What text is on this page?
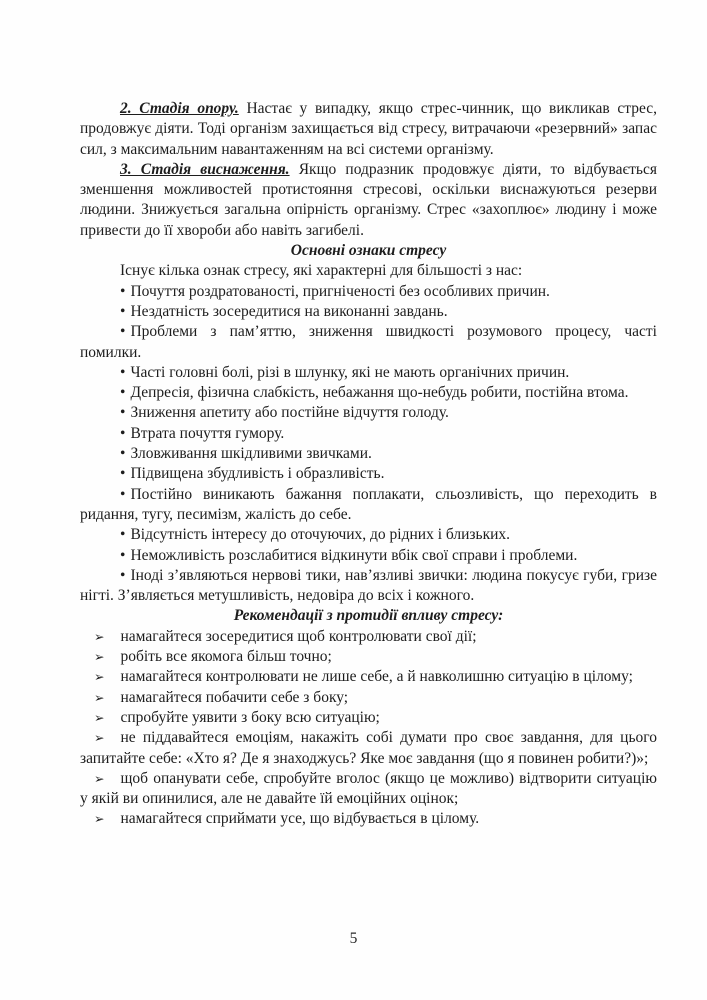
2. Стадія опору. Настає у випадку, якщо стрес-чинник, що викликав стрес, продовжує діяти. Тоді організм захищається від стресу, витрачаючи «резервний» запас сил, з максимальним навантаженням на всі системи організму.

3. Стадія виснаження. Якщо подразник продовжує діяти, то відбувається зменшення можливостей протистояння стресові, оскільки виснажуються резерви людини. Знижується загальна опірність організму. Стрес «захоплює» людину і може привести до її хвороби або навіть загибелі.

Основні ознаки стресу

Існує кілька ознак стресу, які характерні для більшості з нас:

• Почуття роздратованості, пригніченості без особливих причин.

• Нездатність зосередитися на виконанні завдань.

• Проблеми з пам’яттю, зниження швидкості розумового процесу, часті помилки.

• Часті головні болі, різі в шлунку, які не мають органічних причин.

• Депресія, фізична слабкість, небажання що-небудь робити, постійна втома.

• Зниження апетиту або постійне відчуття голоду.

• Втрата почуття гумору.

• Зловживання шкідливими звичками.

• Підвищена збудливість і образливість.

• Постійно виникають бажання поплакати, сльозливість, що переходить в ридання, тугу, песимізм, жалість до себе.

• Відсутність інтересу до оточуючих, до рідних і близьких.

• Неможливість розслабитися відкинути вбік свої справи і проблеми.

• Іноді з’являються нервові тики, нав’язливі звички: людина покусує губи, гризе нігті. З’являється метушливість, недовіра до всіх і кожного.

Рекомендації з протидії впливу стресу:

➢ намагайтеся зосередитися щоб контролювати свої дії;

➢ робіть все якомога більш точно;

➢ намагайтеся контролювати не лише себе, а й навколишню ситуацію в цілому;

➢ намагайтеся побачити себе з боку;

➢ спробуйте уявити з боку всю ситуацію;

➢ не піддавайтеся емоціям, накажіть собі думати про своє завдання, для цього запитайте себе: «Хто я? Де я знаходжусь? Яке моє завдання (що я повинен робити?)»;

➢ щоб опанувати себе, спробуйте вголос (якщо це можливо) відтворити ситуацію у якій ви опинилися, але не давайте їй емоційних оцінок;

➢ намагайтеся сприймати усе, що відбувається в цілому.

5
